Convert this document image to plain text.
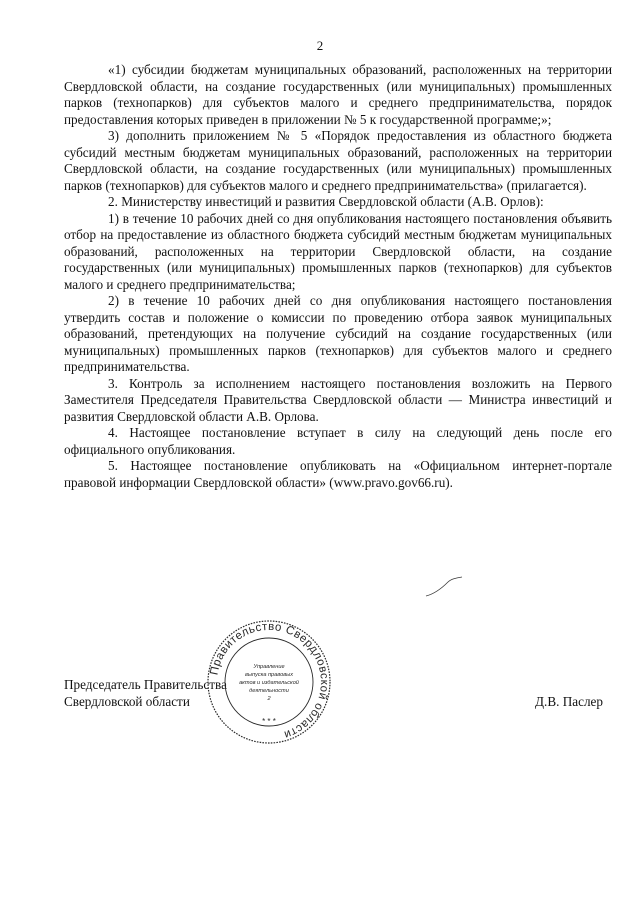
2

«1) субсидии бюджетам муниципальных образований, расположенных на территории Свердловской области, на создание государственных (или муниципальных) промышленных парков (технопарков) для субъектов малого и среднего предпринимательства, порядок предоставления которых приведен в приложении № 5 к государственной программе;»;

3) дополнить приложением № 5 «Порядок предоставления из областного бюджета субсидий местным бюджетам муниципальных образований, расположенных на территории Свердловской области, на создание государственных (или муниципальных) промышленных парков (технопарков) для субъектов малого и среднего предпринимательства» (прилагается).

2. Министерству инвестиций и развития Свердловской области (А.В. Орлов):

1) в течение 10 рабочих дней со дня опубликования настоящего постановления объявить отбор на предоставление из областного бюджета субсидий местным бюджетам муниципальных образований, расположенных на территории Свердловской области, на создание государственных (или муниципальных) промышленных парков (технопарков) для субъектов малого и среднего предпринимательства;

2) в течение 10 рабочих дней со дня опубликования настоящего постановления утвердить состав и положение о комиссии по проведению отбора заявок муниципальных образований, претендующих на получение субсидий на создание государственных (или муниципальных) промышленных парков (технопарков) для субъектов малого и среднего предпринимательства.

3. Контроль за исполнением настоящего постановления возложить на Первого Заместителя Председателя Правительства Свердловской области — Министра инвестиций и развития Свердловской области А.В. Орлова.

4. Настоящее постановление вступает в силу на следующий день после его официального опубликования.

5. Настоящее постановление опубликовать на «Официальном интернет-портале правовой информации Свердловской области» (www.pravo.gov66.ru).

Председатель Правительства
Свердловской области	Д.В. Паслер
Правительство Свердловской области
Управление
выпуска правовых
актов и издательской
деятельности
2
* * *
